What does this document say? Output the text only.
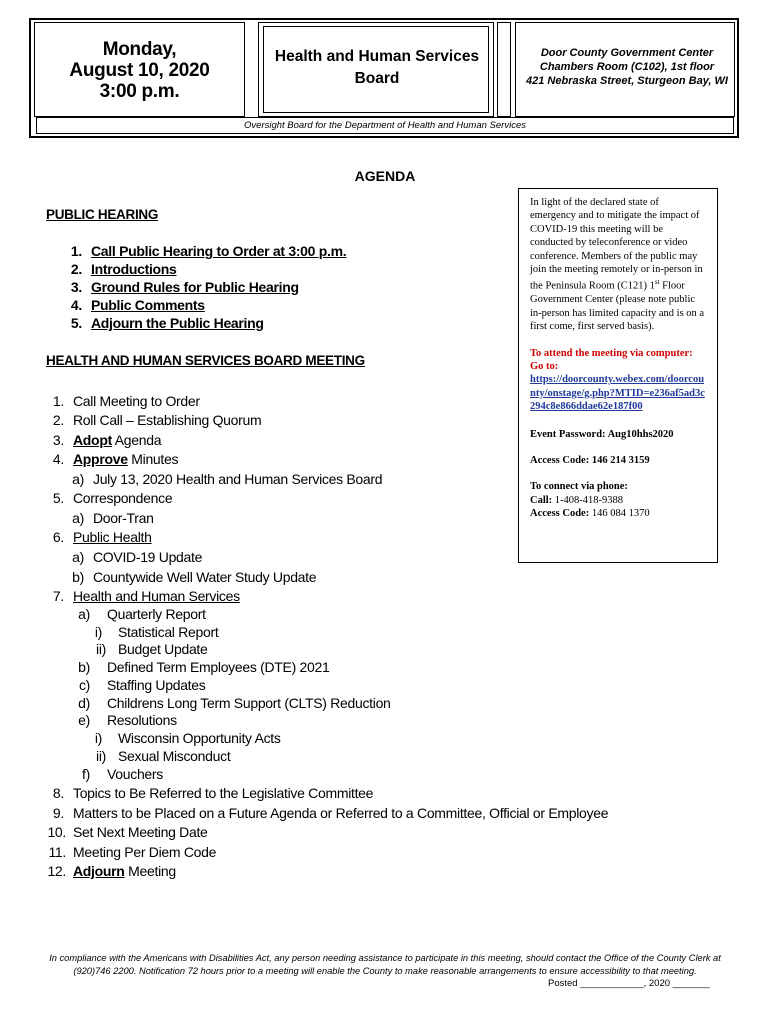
Monday,
August 10, 2020
3:00 p.m.
Health and Human Services
Board
Door County Government Center
Chambers Room (C102), 1st floor
421 Nebraska Street, Sturgeon Bay, WI
Oversight Board for the Department of Health and Human Services
AGENDA
PUBLIC HEARING
1. Call Public Hearing to Order at 3:00 p.m.
2. Introductions
3. Ground Rules for Public Hearing
4. Public Comments
5. Adjourn the Public Hearing
HEALTH AND HUMAN SERVICES BOARD MEETING
1. Call Meeting to Order
2. Roll Call – Establishing Quorum
3. Adopt Agenda
4. Approve Minutes
a) July 13, 2020 Health and Human Services Board
5. Correspondence
a) Door-Tran
6. Public Health
a) COVID-19 Update
b) Countywide Well Water Study Update
7. Health and Human Services
a) Quarterly Report
i) Statistical Report
ii) Budget Update
b) Defined Term Employees (DTE) 2021
c) Staffing Updates
d) Childrens Long Term Support (CLTS) Reduction
e) Resolutions
i) Wisconsin Opportunity Acts
ii) Sexual Misconduct
f) Vouchers
8. Topics to Be Referred to the Legislative Committee
9. Matters to be Placed on a Future Agenda or Referred to a Committee, Official or Employee
10. Set Next Meeting Date
11. Meeting Per Diem Code
12. Adjourn Meeting

In light of the declared state of emergency and to mitigate the impact of COVID-19 this meeting will be conducted by teleconference or video conference. Members of the public may join the meeting remotely or in-person in the Peninsula Room (C121) 1st Floor Government Center (please note public in-person has limited capacity and is on a first come, first served basis).

To attend the meeting via computer: Go to:

https://doorcounty.webex.com/doorcounty/onstage/g.php?MTID=e236af5ad3c294c8e866ddae62e187f00

Event Password: Aug10hhs2020

Access Code: 146 214 3159

To connect via phone:

Call: 1-408-418-9388

Access Code: 146 084 1370

In compliance with the Americans with Disabilities Act, any person needing assistance to participate in this meeting, should contact the Office of the County Clerk at (920)746 2200. Notification 72 hours prior to a meeting will enable the County to make reasonable arrangements to ensure accessibility to that meeting.
Posted ____________, 2020 _______
